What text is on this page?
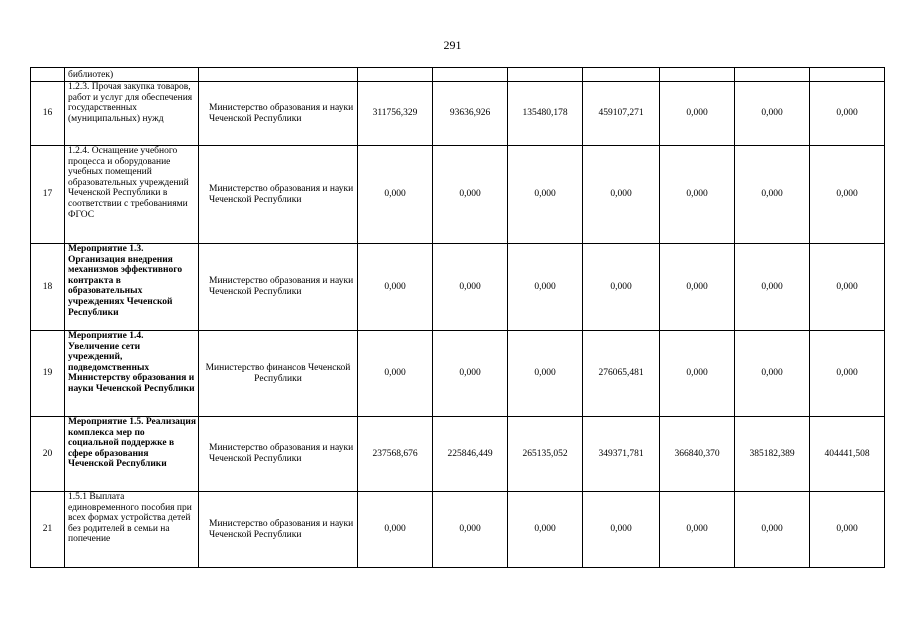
291
	библиотек)								
16	1.2.3. Прочая закупка товаров, работ и услуг для обеспечения государственных (муниципальных) нужд	Министерство образования и науки Чеченской Республики	311756,329	93636,926	135480,178	459107,271	0,000	0,000	0,000
17	1.2.4. Оснащение учебного процесса и оборудование учебных помещений образовательных учреждений Чеченской Республики в соответствии с требованиями ФГОС	Министерство образования и науки Чеченской Республики	0,000	0,000	0,000	0,000	0,000	0,000	0,000
18	Мероприятие 1.3. Организация внедрения механизмов эффективного контракта в образовательных учреждениях Чеченской Республики	Министерство образования и науки Чеченской Республики	0,000	0,000	0,000	0,000	0,000	0,000	0,000
19	Мероприятие 1.4. Увеличение сети учреждений, подведомственных Министерству образования и науки Чеченской Республики	Министерство финансов Чеченской Республики	0,000	0,000	0,000	276065,481	0,000	0,000	0,000
20	Мероприятие 1.5. Реализация комплекса мер по социальной поддержке в сфере образования Чеченской Республики	Министерство образования и науки Чеченской Республики	237568,676	225846,449	265135,052	349371,781	366840,370	385182,389	404441,508
21	1.5.1 Выплата единовременного пособия при всех формах устройства детей без родителей в семьи на попечение	Министерство образования и науки Чеченской Республики	0,000	0,000	0,000	0,000	0,000	0,000	0,000
